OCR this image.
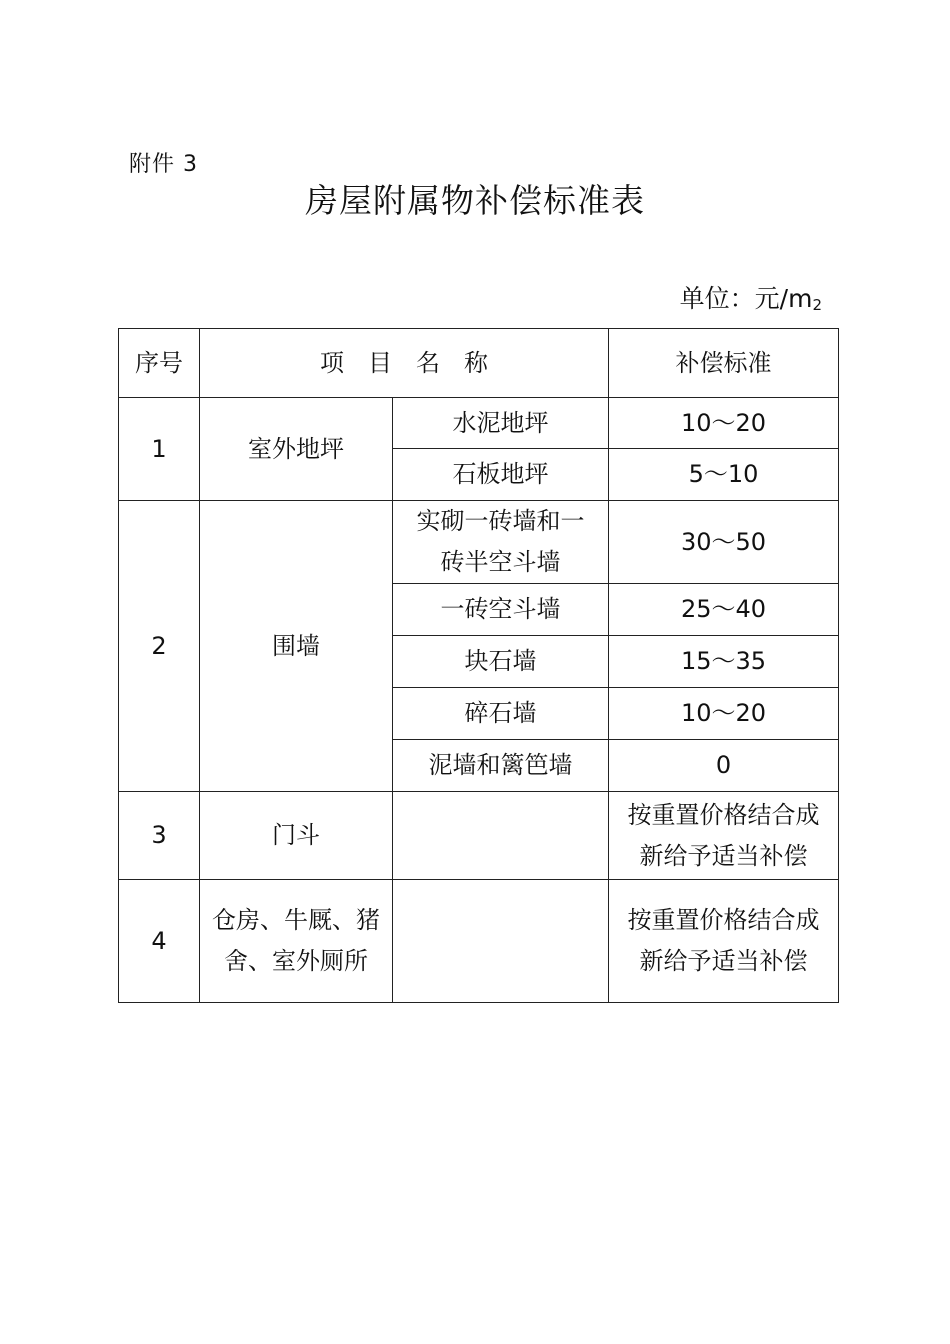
附件 3
房屋附属物补偿标准表
单位：元$/m_2$
序号	项　目　名　称		补偿标准
1	室外地坪	水泥地坪	10～20
		石板地坪	5～10
2	围墙	实砌一砖墙和一砖半空斗墙	30～50
		一砖空斗墙	25～40
		块石墙	15～35
		碎石墙	10～20
		泥墙和篱笆墙	0
3	门斗		按重置价格结合成新给予适当补偿
4	仓房、牛厩、猪舍、室外厕所		按重置价格结合成新给予适当补偿
